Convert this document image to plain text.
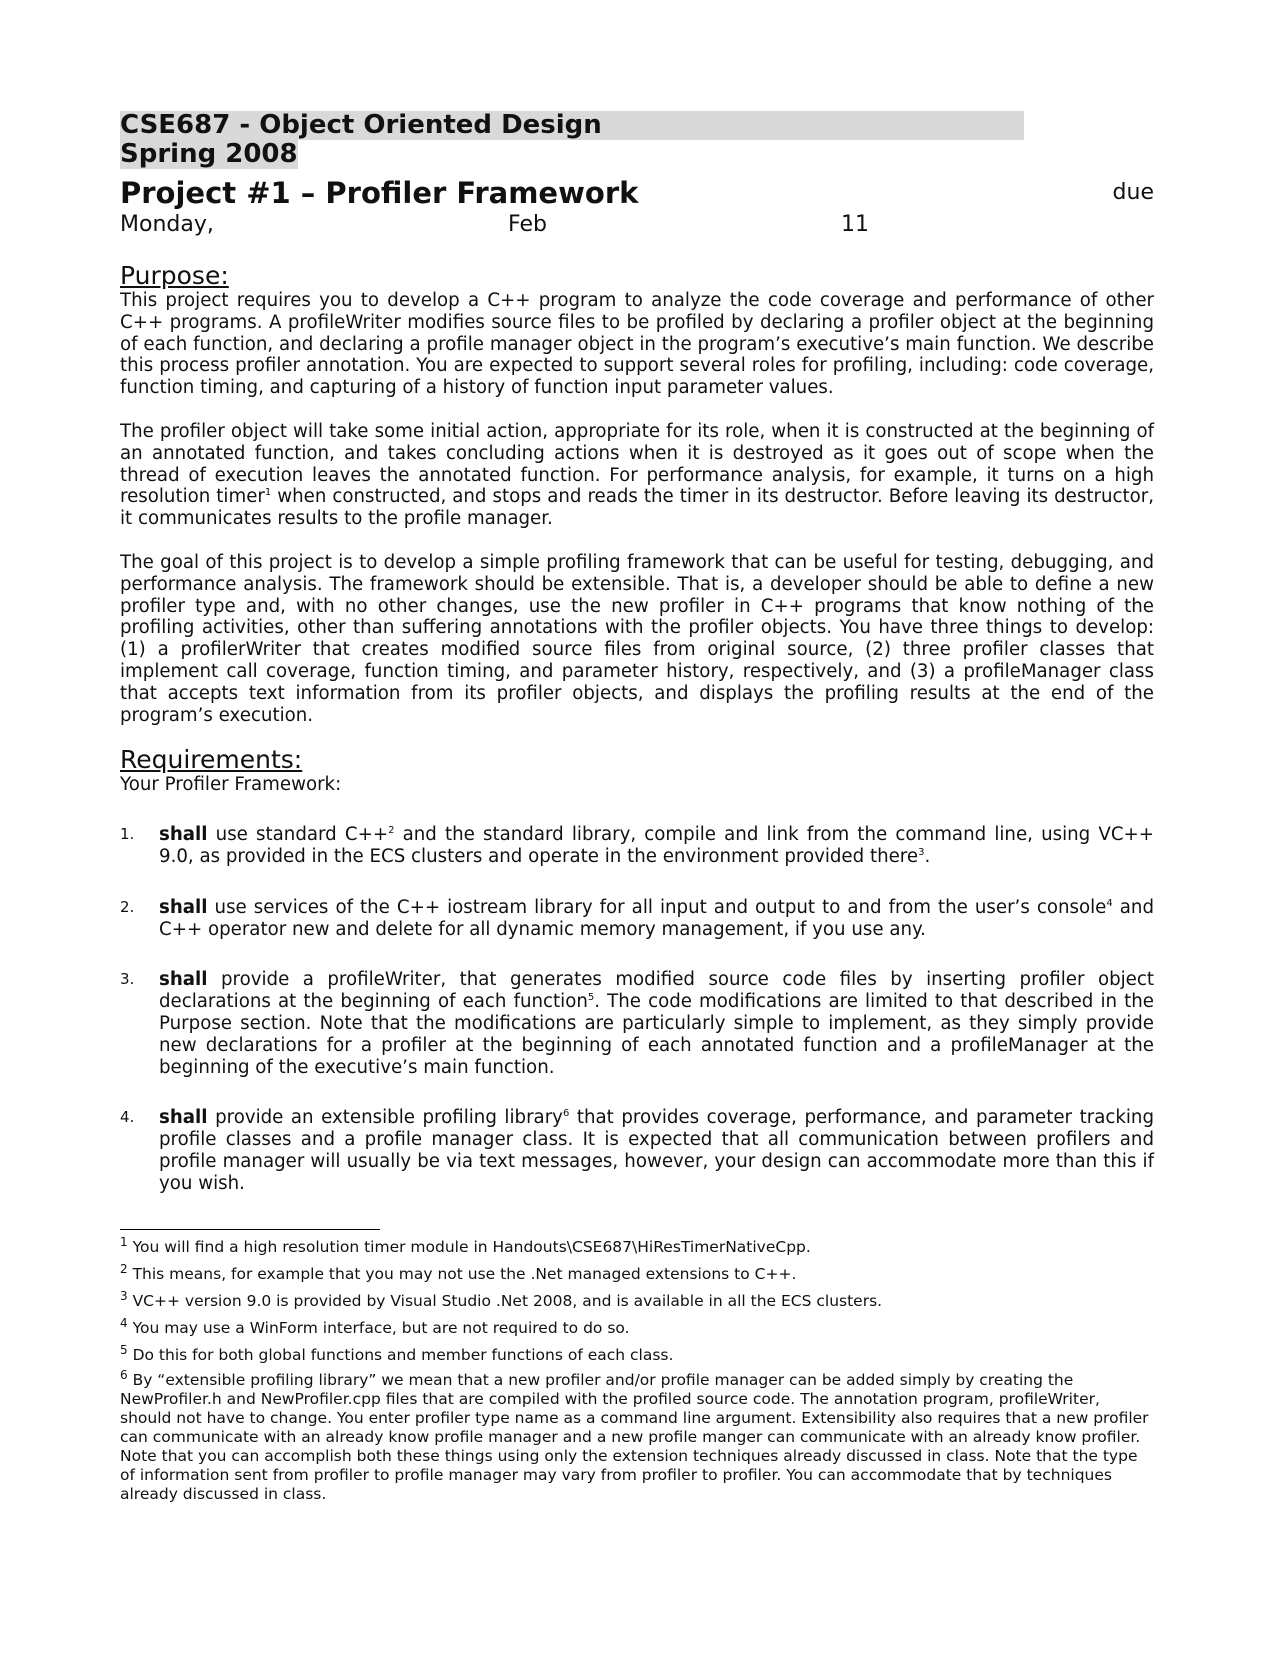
CSE687 - Object Oriented Design
Spring 2008
Project #1 – Profiler Framework	due
Monday,	Feb	11
Purpose:

This project requires you to develop a C++ program to analyze the code coverage and performance of other C++ programs. A profileWriter modifies source files to be profiled by declaring a profiler object at the beginning of each function, and declaring a profile manager object in the program’s executive’s main function. We describe this process profiler annotation. You are expected to support several roles for profiling, including: code coverage, function timing, and capturing of a history of function input parameter values.

The profiler object will take some initial action, appropriate for its role, when it is constructed at the beginning of an annotated function, and takes concluding actions when it is destroyed as it goes out of scope when the thread of execution leaves the annotated function. For performance analysis, for example, it turns on a high resolution timer$^1$ when constructed, and stops and reads the timer in its destructor. Before leaving its destructor, it communicates results to the profile manager.

The goal of this project is to develop a simple profiling framework that can be useful for testing, debugging, and performance analysis. The framework should be extensible. That is, a developer should be able to define a new profiler type and, with no other changes, use the new profiler in C++ programs that know nothing of the profiling activities, other than suffering annotations with the profiler objects. You have three things to develop: (1) a profilerWriter that creates modified source files from original source, (2) three profiler classes that implement call coverage, function timing, and parameter history, respectively, and (3) a profileManager class that accepts text information from its profiler objects, and displays the profiling results at the end of the program’s execution.

Requirements:

Your Profiler Framework:

1. shall use standard C++$^2$ and the standard library, compile and link from the command line, using VC++ 9.0, as provided in the ECS clusters and operate in the environment provided there$^3$.
2. shall use services of the C++ iostream library for all input and output to and from the user’s console$^4$ and C++ operator new and delete for all dynamic memory management, if you use any.
3. shall provide a profileWriter, that generates modified source code files by inserting profiler object declarations at the beginning of each function$^5$. The code modifications are limited to that described in the Purpose section. Note that the modifications are particularly simple to implement, as they simply provide new declarations for a profiler at the beginning of each annotated function and a profileManager at the beginning of the executive’s main function.
4. shall provide an extensible profiling library$^6$ that provides coverage, performance, and parameter tracking profile classes and a profile manager class. It is expected that all communication between profilers and profile manager will usually be via text messages, however, your design can accommodate more than this if you wish.
$^1$ You will find a high resolution timer module in Handouts\CSE687\HiResTimerNativeCpp.
$^2$ This means, for example that you may not use the .Net managed extensions to C++.
$^3$ VC++ version 9.0 is provided by Visual Studio .Net 2008, and is available in all the ECS clusters.
$^4$ You may use a WinForm interface, but are not required to do so.
$^5$ Do this for both global functions and member functions of each class.
$^6$ By “extensible profiling library” we mean that a new profiler and/or profile manager can be added simply by creating the NewProfiler.h and NewProfiler.cpp files that are compiled with the profiled source code. The annotation program, profileWriter, should not have to change. You enter profiler type name as a command line argument. Extensibility also requires that a new profiler can communicate with an already know profile manager and a new profile manger can communicate with an already know profiler. Note that you can accomplish both these things using only the extension techniques already discussed in class. Note that the type of information sent from profiler to profile manager may vary from profiler to profiler. You can accommodate that by techniques already discussed in class.
